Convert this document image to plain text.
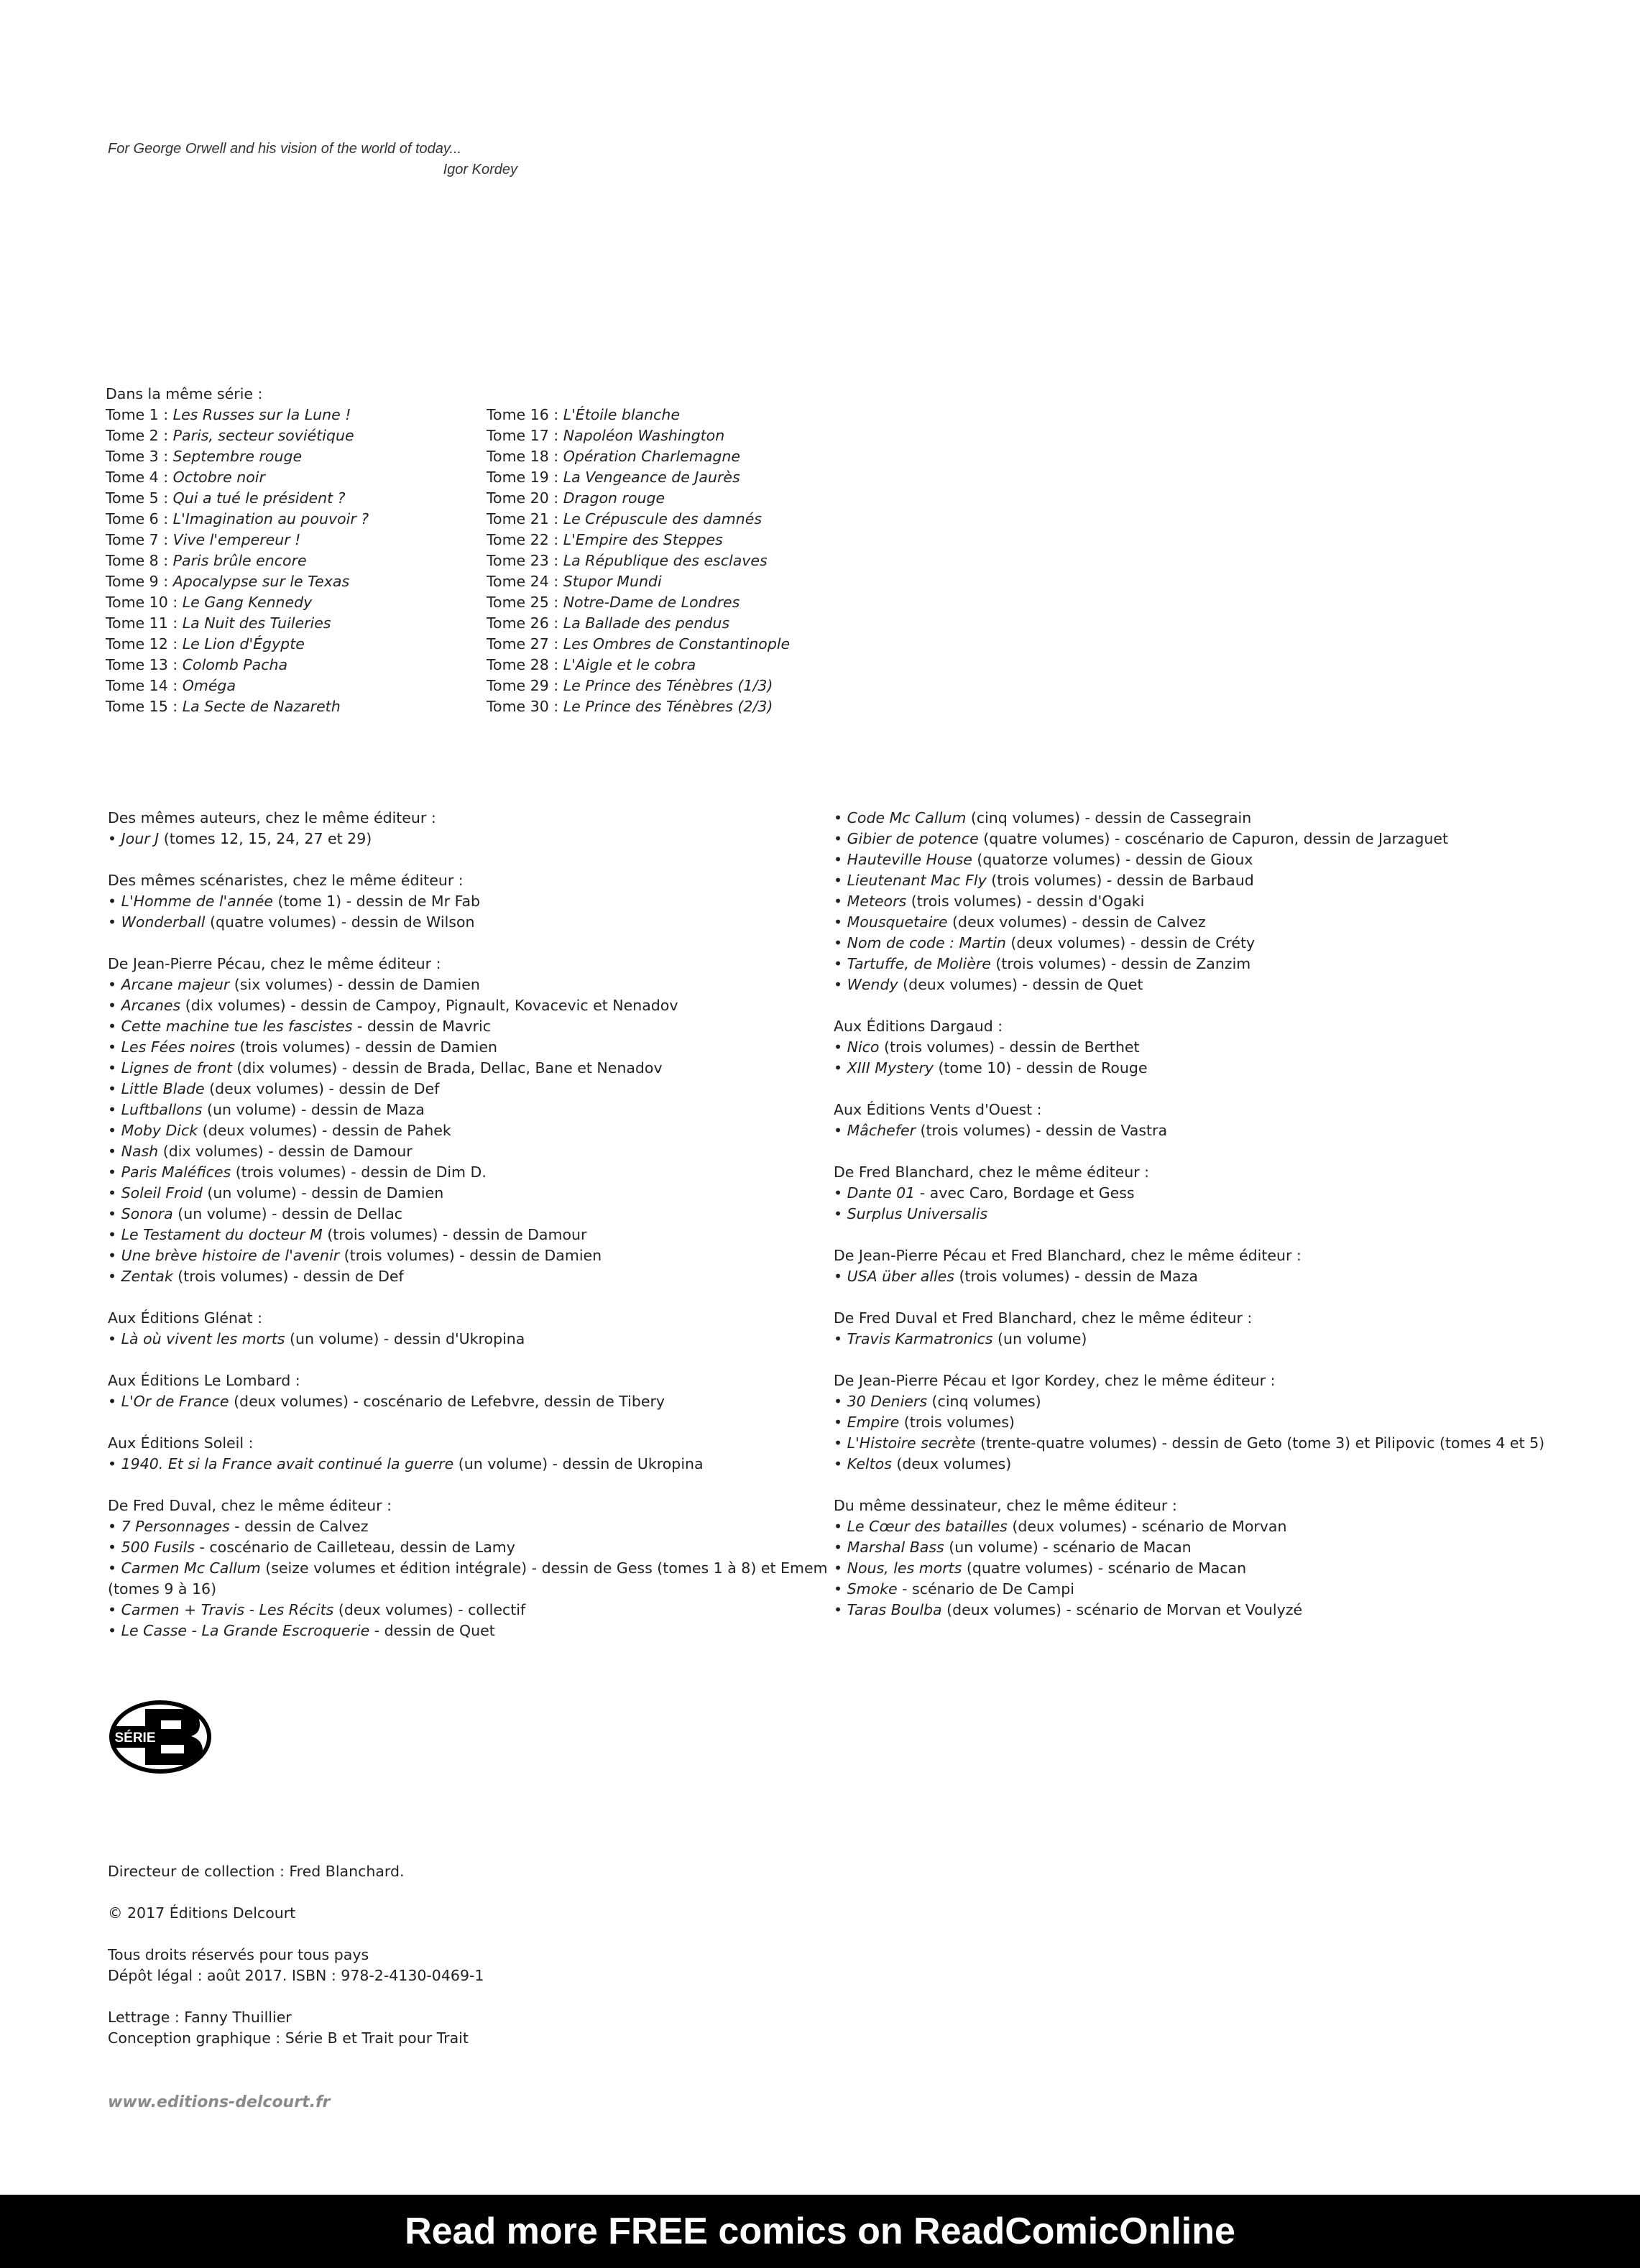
For George Orwell and his vision of the world of today...
Igor Kordey
Dans la même série :
Tome 1 : Les Russes sur la Lune !
Tome 2 : Paris, secteur soviétique
Tome 3 : Septembre rouge
Tome 4 : Octobre noir
Tome 5 : Qui a tué le président ?
Tome 6 : L'Imagination au pouvoir ?
Tome 7 : Vive l'empereur !
Tome 8 : Paris brûle encore
Tome 9 : Apocalypse sur le Texas
Tome 10 : Le Gang Kennedy
Tome 11 : La Nuit des Tuileries
Tome 12 : Le Lion d'Égypte
Tome 13 : Colomb Pacha
Tome 14 : Oméga
Tome 15 : La Secte de Nazareth
Tome 16 : L'Étoile blanche
Tome 17 : Napoléon Washington
Tome 18 : Opération Charlemagne
Tome 19 : La Vengeance de Jaurès
Tome 20 : Dragon rouge
Tome 21 : Le Crépuscule des damnés
Tome 22 : L'Empire des Steppes
Tome 23 : La République des esclaves
Tome 24 : Stupor Mundi
Tome 25 : Notre-Dame de Londres
Tome 26 : La Ballade des pendus
Tome 27 : Les Ombres de Constantinople
Tome 28 : L'Aigle et le cobra
Tome 29 : Le Prince des Ténèbres (1/3)
Tome 30 : Le Prince des Ténèbres (2/3)
Des mêmes auteurs, chez le même éditeur :
• Jour J (tomes 12, 15, 24, 27 et 29)
Des mêmes scénaristes, chez le même éditeur :
• L'Homme de l'année (tome 1) - dessin de Mr Fab
• Wonderball (quatre volumes) - dessin de Wilson
De Jean-Pierre Pécau, chez le même éditeur :
• Arcane majeur (six volumes) - dessin de Damien
• Arcanes (dix volumes) - dessin de Campoy, Pignault, Kovacevic et Nenadov
• Cette machine tue les fascistes - dessin de Mavric
• Les Fées noires (trois volumes) - dessin de Damien
• Lignes de front (dix volumes) - dessin de Brada, Dellac, Bane et Nenadov
• Little Blade (deux volumes) - dessin de Def
• Luftballons (un volume) - dessin de Maza
• Moby Dick (deux volumes) - dessin de Pahek
• Nash (dix volumes) - dessin de Damour
• Paris Maléfices (trois volumes) - dessin de Dim D.
• Soleil Froid (un volume) - dessin de Damien
• Sonora (un volume) - dessin de Dellac
• Le Testament du docteur M (trois volumes) - dessin de Damour
• Une brève histoire de l'avenir (trois volumes) - dessin de Damien
• Zentak (trois volumes) - dessin de Def
Aux Éditions Glénat :
• Là où vivent les morts (un volume) - dessin d'Ukropina
Aux Éditions Le Lombard :
• L'Or de France (deux volumes) - coscénario de Lefebvre, dessin de Tibery
Aux Éditions Soleil :
• 1940. Et si la France avait continué la guerre (un volume) - dessin de Ukropina
De Fred Duval, chez le même éditeur :
• 7 Personnages - dessin de Calvez
• 500 Fusils - coscénario de Cailleteau, dessin de Lamy
• Carmen Mc Callum (seize volumes et édition intégrale) - dessin de Gess (tomes 1 à 8) et Emem (tomes 9 à 16)
• Carmen + Travis - Les Récits (deux volumes) - collectif
• Le Casse - La Grande Escroquerie - dessin de Quet
• Code Mc Callum (cinq volumes) - dessin de Cassegrain
• Gibier de potence (quatre volumes) - coscénario de Capuron, dessin de Jarzaguet
• Hauteville House (quatorze volumes) - dessin de Gioux
• Lieutenant Mac Fly (trois volumes) - dessin de Barbaud
• Meteors (trois volumes) - dessin d'Ogaki
• Mousquetaire (deux volumes) - dessin de Calvez
• Nom de code : Martin (deux volumes) - dessin de Créty
• Tartuffe, de Molière (trois volumes) - dessin de Zanzim
• Wendy (deux volumes) - dessin de Quet
Aux Éditions Dargaud :
• Nico (trois volumes) - dessin de Berthet
• XIII Mystery (tome 10) - dessin de Rouge
Aux Éditions Vents d'Ouest :
• Mâchefer (trois volumes) - dessin de Vastra
De Fred Blanchard, chez le même éditeur :
• Dante 01 - avec Caro, Bordage et Gess
• Surplus Universalis
De Jean-Pierre Pécau et Fred Blanchard, chez le même éditeur :
• USA über alles (trois volumes) - dessin de Maza
De Fred Duval et Fred Blanchard, chez le même éditeur :
• Travis Karmatronics (un volume)
De Jean-Pierre Pécau et Igor Kordey, chez le même éditeur :
• 30 Deniers (cinq volumes)
• Empire (trois volumes)
• L'Histoire secrète (trente-quatre volumes) - dessin de Geto (tome 3) et Pilipovic (tomes 4 et 5)
• Keltos (deux volumes)
Du même dessinateur, chez le même éditeur :
• Le Cœur des batailles (deux volumes) - scénario de Morvan
• Marshal Bass (un volume) - scénario de Macan
• Nous, les morts (quatre volumes) - scénario de Macan
• Smoke - scénario de De Campi
• Taras Boulba (deux volumes) - scénario de Morvan et Voulyzé
SÉRIE
Directeur de collection : Fred Blanchard.
© 2017 Éditions Delcourt
Tous droits réservés pour tous pays
Dépôt légal : août 2017. ISBN : 978-2-4130-0469-1
Lettrage : Fanny Thuillier
Conception graphique : Série B et Trait pour Trait
www.editions-delcourt.fr
Read more FREE comics on ReadComicOnline
